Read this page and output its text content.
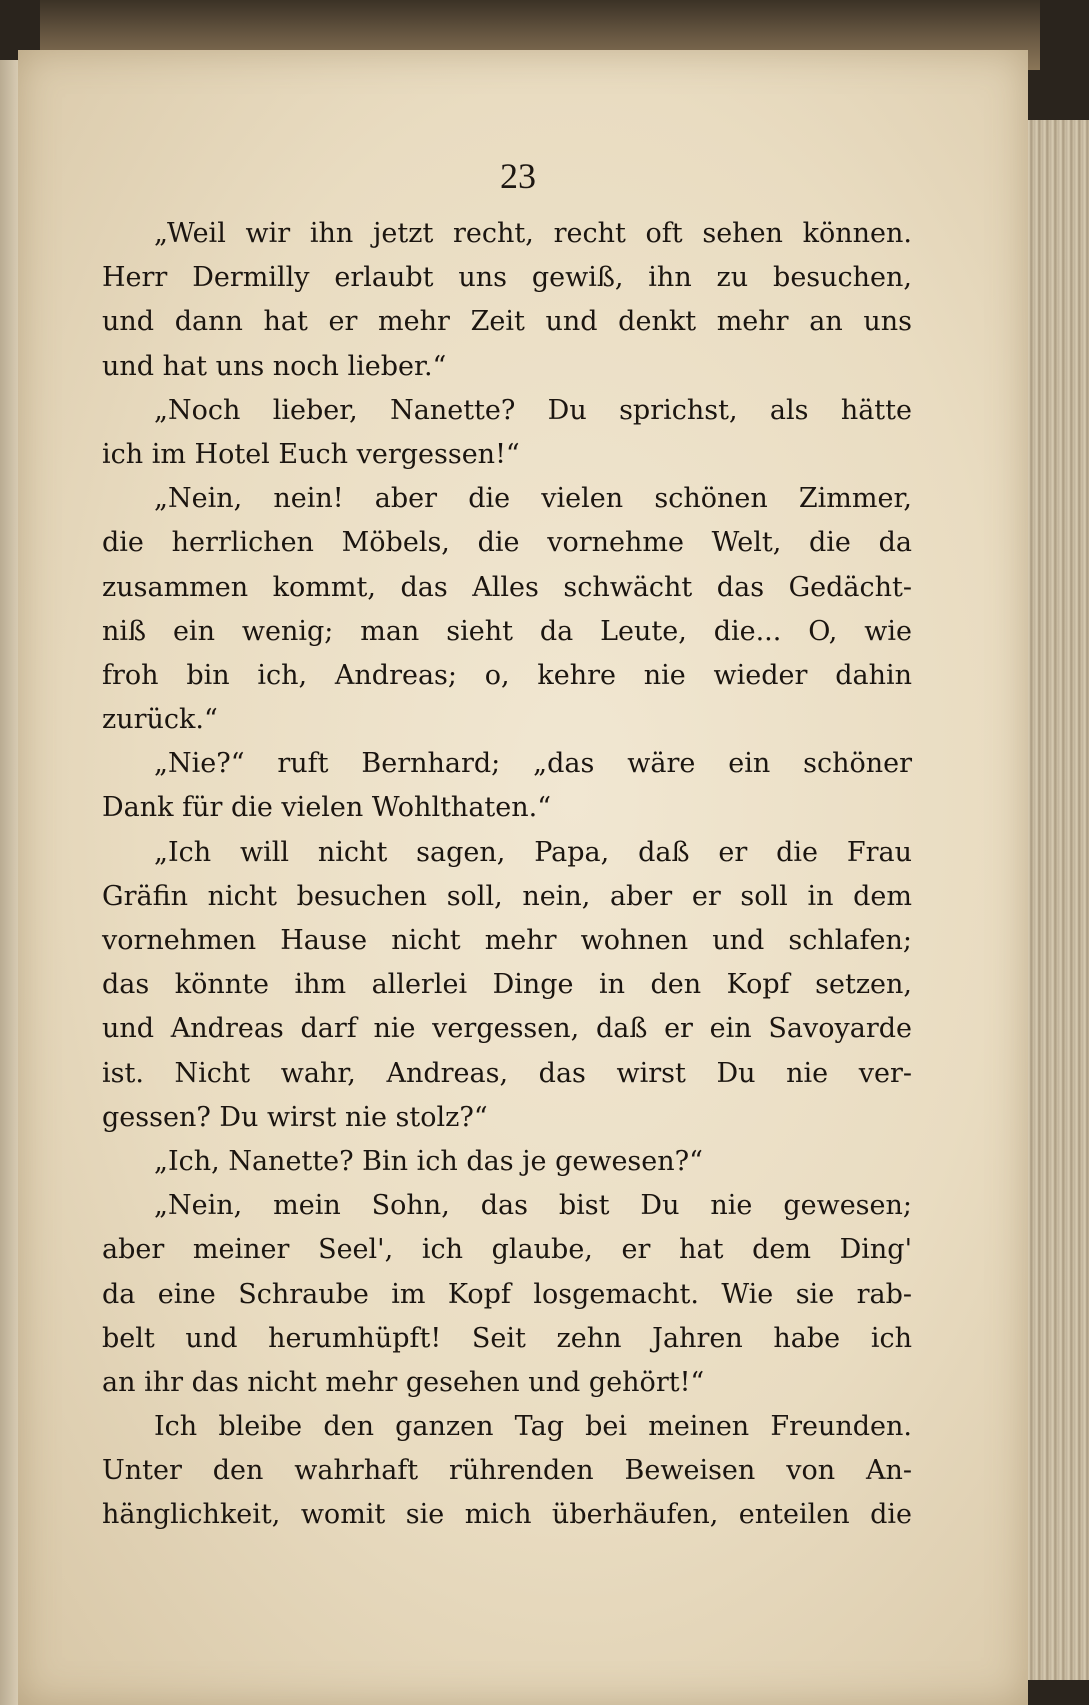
23
„Weil wir ihn jetzt recht, recht oft sehen können.
Herr Dermilly erlaubt uns gewiß, ihn zu besuchen,
und dann hat er mehr Zeit und denkt mehr an uns
und hat uns noch lieber.“
„Noch lieber, Nanette? Du sprichst, als hätte
ich im Hotel Euch vergessen!“
„Nein, nein! aber die vielen schönen Zimmer,
die herrlichen Möbels, die vornehme Welt, die da
zusammen kommt, das Alles schwächt das Gedächt-
niß ein wenig; man sieht da Leute, die... O, wie
froh bin ich, Andreas; o, kehre nie wieder dahin
zurück.“
„Nie?“ ruft Bernhard; „das wäre ein schöner
Dank für die vielen Wohlthaten.“
„Ich will nicht sagen, Papa, daß er die Frau
Gräfin nicht besuchen soll, nein, aber er soll in dem
vornehmen Hause nicht mehr wohnen und schlafen;
das könnte ihm allerlei Dinge in den Kopf setzen,
und Andreas darf nie vergessen, daß er ein Savoyarde
ist. Nicht wahr, Andreas, das wirst Du nie ver-
gessen? Du wirst nie stolz?“
„Ich, Nanette? Bin ich das je gewesen?“
„Nein, mein Sohn, das bist Du nie gewesen;
aber meiner Seel', ich glaube, er hat dem Ding'
da eine Schraube im Kopf losgemacht. Wie sie rab-
belt und herumhüpft! Seit zehn Jahren habe ich
an ihr das nicht mehr gesehen und gehört!“
Ich bleibe den ganzen Tag bei meinen Freunden.
Unter den wahrhaft rührenden Beweisen von An-
hänglichkeit, womit sie mich überhäufen, enteilen die
